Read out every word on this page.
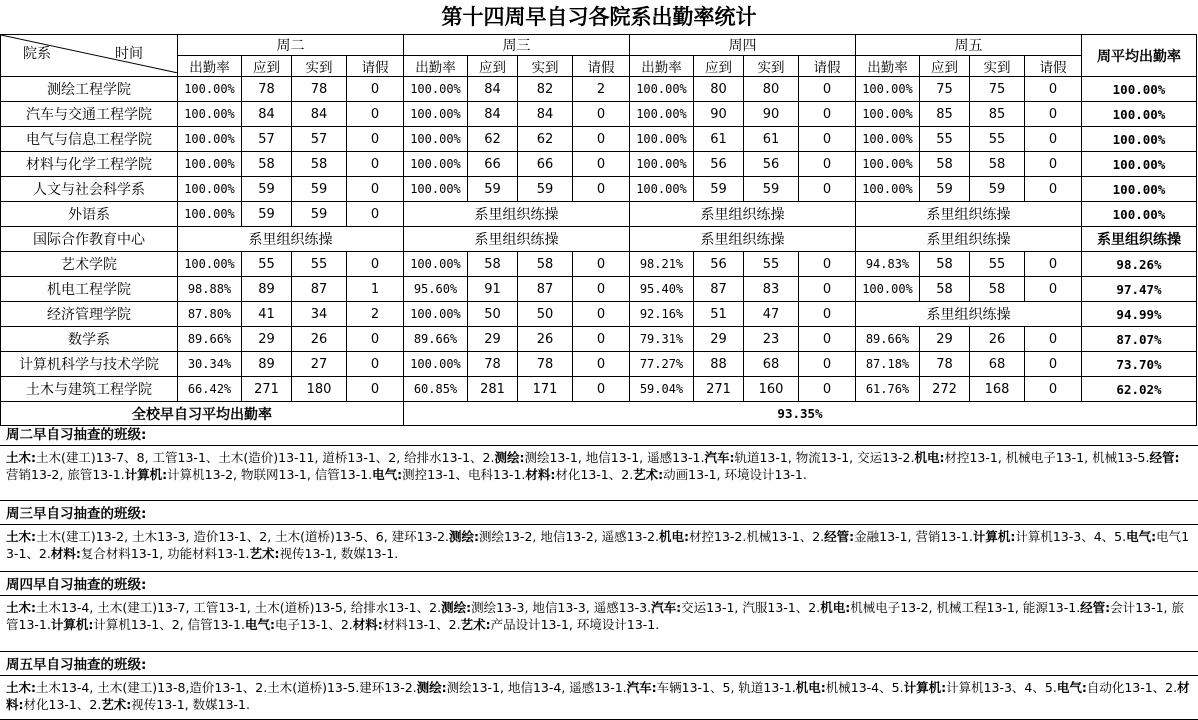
第十四周早自习各院系出勤率统计
院系 时间	周二				周三				周四				周五				周平均出勤率
	出勤率	应到	实到	请假	出勤率	应到	实到	请假	出勤率	应到	实到	请假	出勤率	应到	实到	请假	
测绘工程学院	100.00%	78	78	0	100.00%	84	82	2	100.00%	80	80	0	100.00%	75	75	0	100.00%
汽车与交通工程学院	100.00%	84	84	0	100.00%	84	84	0	100.00%	90	90	0	100.00%	85	85	0	100.00%
电气与信息工程学院	100.00%	57	57	0	100.00%	62	62	0	100.00%	61	61	0	100.00%	55	55	0	100.00%
材料与化学工程学院	100.00%	58	58	0	100.00%	66	66	0	100.00%	56	56	0	100.00%	58	58	0	100.00%
人文与社会科学系	100.00%	59	59	0	100.00%	59	59	0	100.00%	59	59	0	100.00%	59	59	0	100.00%
外语系	100.00%	59	59	0	系里组织练操				系里组织练操				系里组织练操				100.00%
国际合作教育中心	系里组织练操				系里组织练操				系里组织练操				系里组织练操				系里组织练操
艺术学院	100.00%	55	55	0	100.00%	58	58	0	98.21%	56	55	0	94.83%	58	55	0	98.26%
机电工程学院	98.88%	89	87	1	95.60%	91	87	0	95.40%	87	83	0	100.00%	58	58	0	97.47%
经济管理学院	87.80%	41	34	2	100.00%	50	50	0	92.16%	51	47	0	系里组织练操				94.99%
数学系	89.66%	29	26	0	89.66%	29	26	0	79.31%	29	23	0	89.66%	29	26	0	87.07%
计算机科学与技术学院	30.34%	89	27	0	100.00%	78	78	0	77.27%	88	68	0	87.18%	78	68	0	73.70%
土木与建筑工程学院	66.42%	271	180	0	60.85%	281	171	0	59.04%	271	160	0	61.76%	272	168	0	62.02%
全校早自习平均出勤率					93.35%												
周二早自习抽查的班级:
土木:土木(建工)13-7、8, 工管13-1、土木(造价)13-11, 道桥13-1、2, 给排水13-1、2.测绘:测绘13-1, 地信13-1, 遥感13-1.汽车:轨道13-1, 物流13-1, 交运13-2.机电:材控13-1, 机械电子13-1, 机械13-5.经管:营销13-2, 旅管13-1.计算机:计算机13-2, 物联网13-1, 信管13-1.电气:测控13-1、电科13-1.材料:材化13-1、2.艺术:动画13-1, 环境设计13-1.
周三早自习抽查的班级:
土木:土木(建工)13-2, 土木13-3, 造价13-1、2, 土木(道桥)13-5、6, 建环13-2.测绘:测绘13-2, 地信13-2, 遥感13-2.机电:材控13-2.机械13-1、2.经管:金融13-1, 营销13-1.计算机:计算机13-3、4、5.电气:电气13-1、2.材料:复合材料13-1, 功能材料13-1.艺术:视传13-1, 数媒13-1.
周四早自习抽查的班级:
土木:土木13-4, 土木(建工)13-7, 工管13-1, 土木(道桥)13-5, 给排水13-1、2.测绘:测绘13-3, 地信13-3, 遥感13-3.汽车:交运13-1, 汽服13-1、2.机电:机械电子13-2, 机械工程13-1, 能源13-1.经管:会计13-1, 旅管13-1.计算机:计算机13-1、2, 信管13-1.电气:电子13-1、2.材料:材料13-1、2.艺术:产品设计13-1, 环境设计13-1.
周五早自习抽查的班级:
土木:土木13-4, 土木(建工)13-8,造价13-1、2.土木(道桥)13-5.建环13-2.测绘:测绘13-1, 地信13-4, 遥感13-1.汽车:车辆13-1、5, 轨道13-1.机电:机械13-4、5.计算机:计算机13-3、4、5.电气:自动化13-1、2.材料:材化13-1、2.艺术:视传13-1, 数媒13-1.
